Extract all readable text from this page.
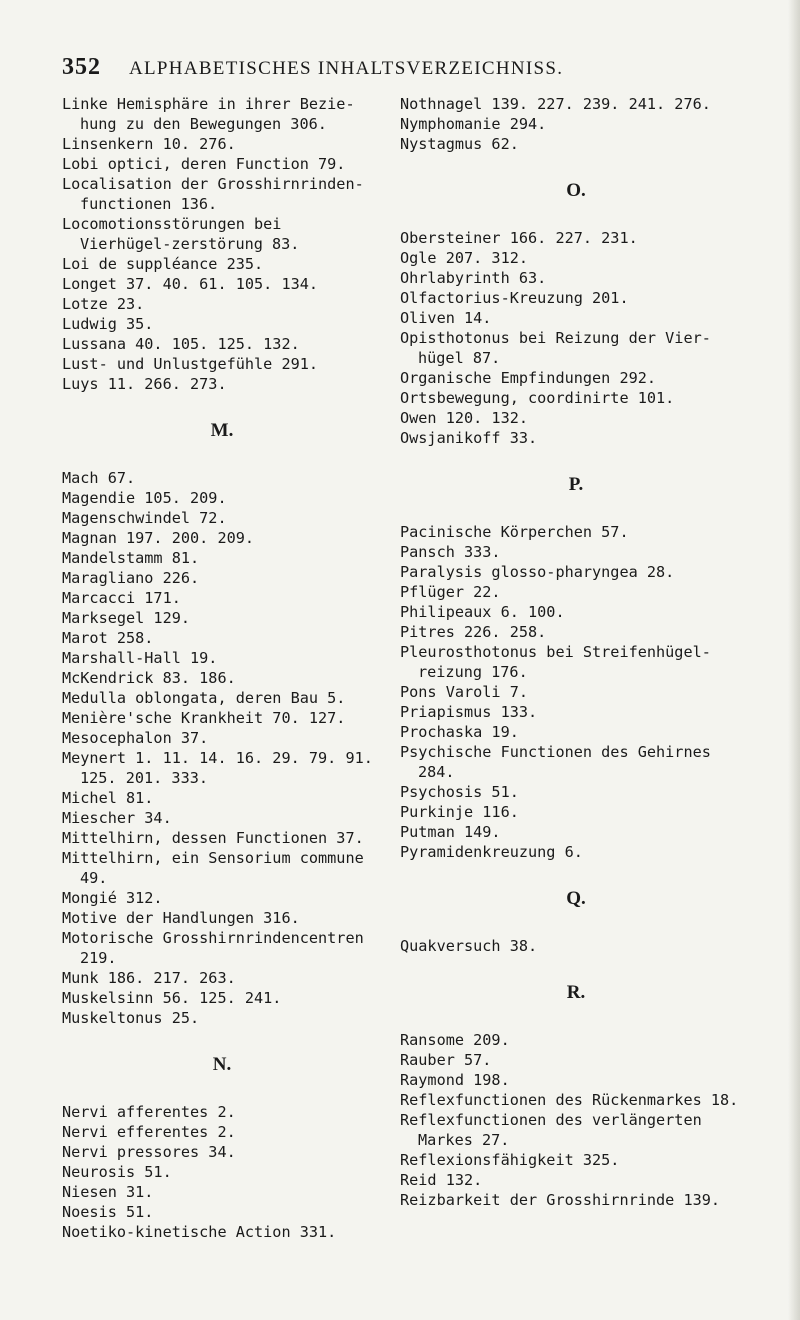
352 ALPHABETISCHES INHALTSVERZEICHNISS.

Linke Hemisphäre in ihrer Bezie-hung zu den Bewegungen 306.

Linsenkern 10. 276.

Lobi optici, deren Function 79.

Localisation der Grosshirnrinden-functionen 136.

Locomotionsstörungen bei Vierhügel-zerstörung 83.

Loi de suppléance 235.

Longet 37. 40. 61. 105. 134.

Lotze 23.

Ludwig 35.

Lussana 40. 105. 125. 132.

Lust- und Unlustgefühle 291.

Luys 11. 266. 273.

M.

Mach 67.

Magendie 105. 209.

Magenschwindel 72.

Magnan 197. 200. 209.

Mandelstamm 81.

Maragliano 226.

Marcacci 171.

Marksegel 129.

Marot 258.

Marshall-Hall 19.

McKendrick 83. 186.

Medulla oblongata, deren Bau 5.

Menière'sche Krankheit 70. 127.

Mesocephalon 37.

Meynert 1. 11. 14. 16. 29. 79. 91. 125. 201. 333.

Michel 81.

Miescher 34.

Mittelhirn, dessen Functionen 37.

Mittelhirn, ein Sensorium commune 49.

Mongié 312.

Motive der Handlungen 316.

Motorische Grosshirnrindencentren 219.

Munk 186. 217. 263.

Muskelsinn 56. 125. 241.

Muskeltonus 25.

N.

Nervi afferentes 2.

Nervi efferentes 2.

Nervi pressores 34.

Neurosis 51.

Niesen 31.

Noesis 51.

Noetiko-kinetische Action 331.

Nothnagel 139. 227. 239. 241. 276.

Nymphomanie 294.

Nystagmus 62.

O.

Obersteiner 166. 227. 231.

Ogle 207. 312.

Ohrlabyrinth 63.

Olfactorius-Kreuzung 201.

Oliven 14.

Opisthotonus bei Reizung der Vier-hügel 87.

Organische Empfindungen 292.

Ortsbewegung, coordinirte 101.

Owen 120. 132.

Owsjanikoff 33.

P.

Pacinische Körperchen 57.

Pansch 333.

Paralysis glosso-pharyngea 28.

Pflüger 22.

Philipeaux 6. 100.

Pitres 226. 258.

Pleurosthotonus bei Streifenhügel-reizung 176.

Pons Varoli 7.

Priapismus 133.

Prochaska 19.

Psychische Functionen des Gehirnes 284.

Psychosis 51.

Purkinje 116.

Putman 149.

Pyramidenkreuzung 6.

Q.

Quakversuch 38.

R.

Ransome 209.

Rauber 57.

Raymond 198.

Reflexfunctionen des Rückenmarkes 18.

Reflexfunctionen des verlängerten Markes 27.

Reflexionsfähigkeit 325.

Reid 132.

Reizbarkeit der Grosshirnrinde 139.
